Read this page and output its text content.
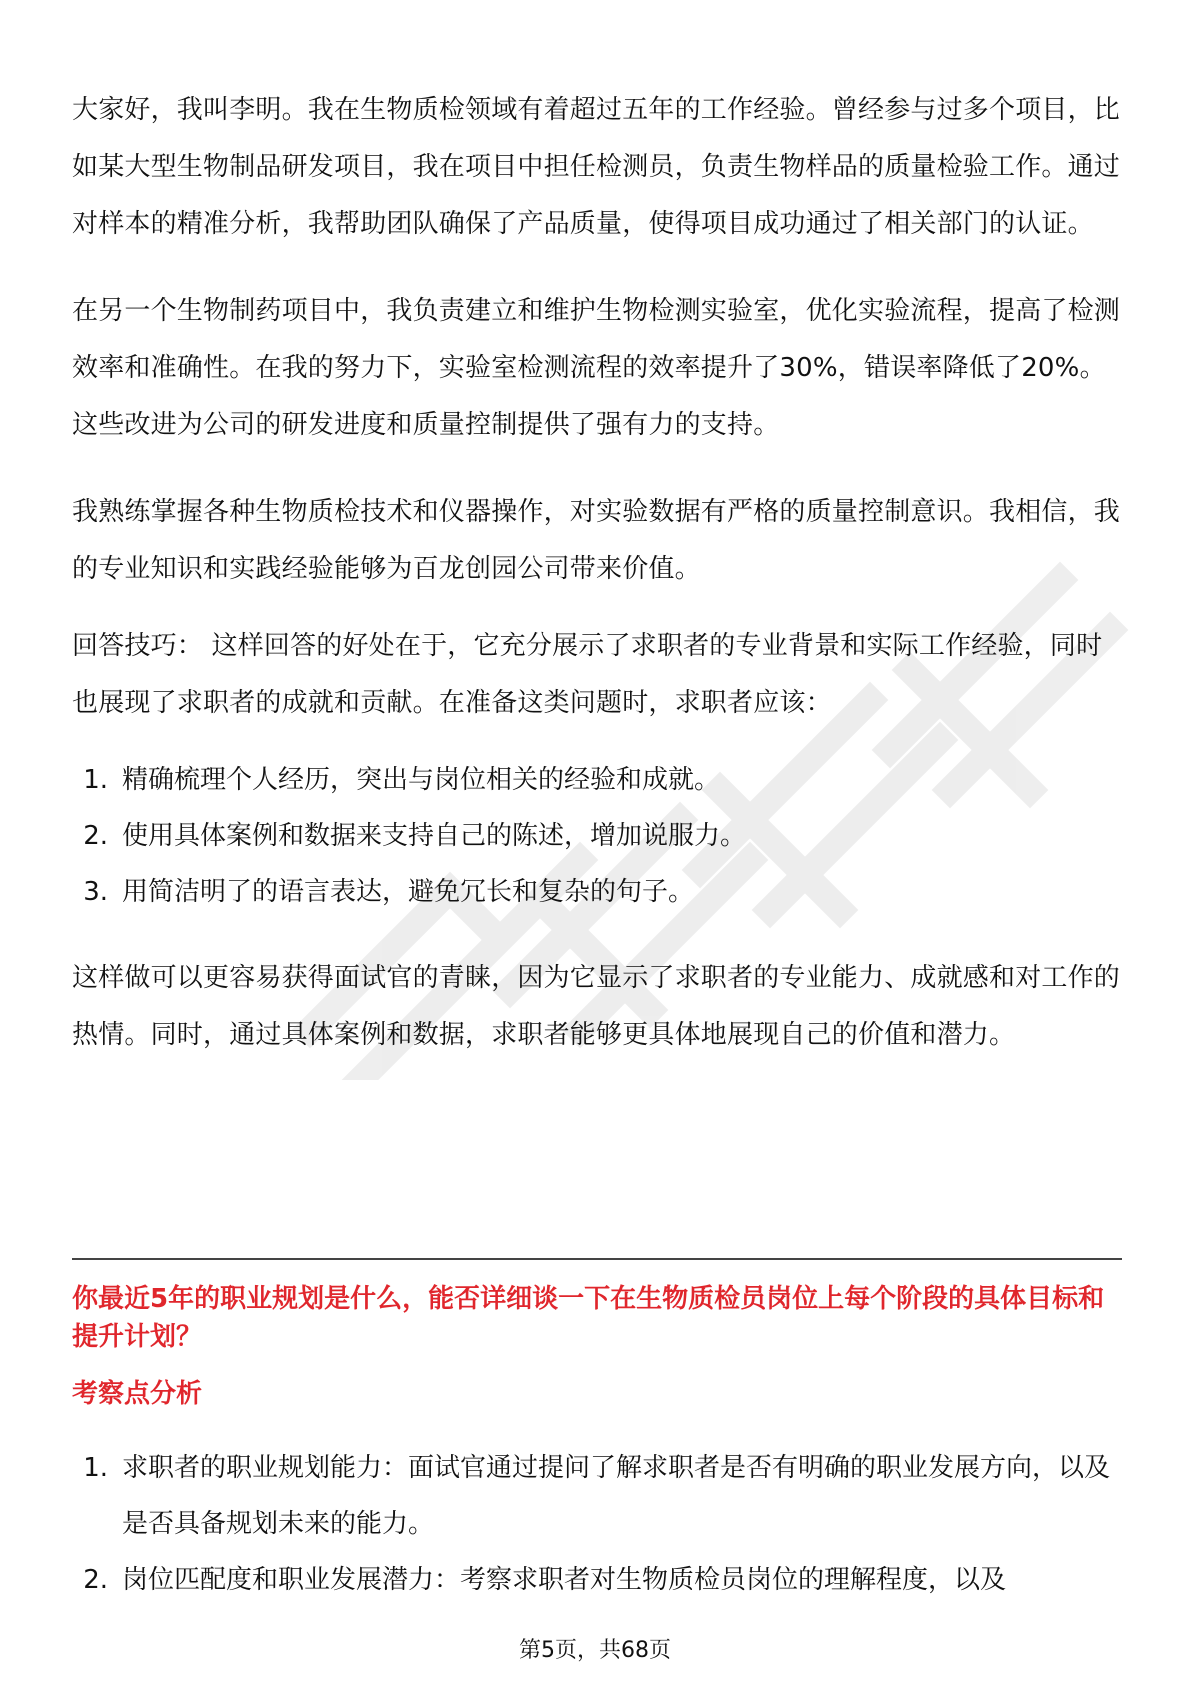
大家好，我叫李明。我在生物质检领域有着超过五年的工作经验。曾经参与过多个项目，比如某大型生物制品研发项目，我在项目中担任检测员，负责生物样品的质量检验工作。通过对样本的精准分析，我帮助团队确保了产品质量，使得项目成功通过了相关部门的认证。

在另一个生物制药项目中，我负责建立和维护生物检测实验室，优化实验流程，提高了检测效率和准确性。在我的努力下，实验室检测流程的效率提升了30%，错误率降低了20%。这些改进为公司的研发进度和质量控制提供了强有力的支持。

我熟练掌握各种生物质检技术和仪器操作，对实验数据有严格的质量控制意识。我相信，我的专业知识和实践经验能够为百龙创园公司带来价值。

回答技巧： 这样回答的好处在于，它充分展示了求职者的专业背景和实际工作经验，同时也展现了求职者的成就和贡献。在准备这类问题时，求职者应该：

1. 精确梳理个人经历，突出与岗位相关的经验和成就。
2. 使用具体案例和数据来支持自己的陈述，增加说服力。
3. 用简洁明了的语言表达，避免冗长和复杂的句子。

这样做可以更容易获得面试官的青睐，因为它显示了求职者的专业能力、成就感和对工作的热情。同时，通过具体案例和数据，求职者能够更具体地展现自己的价值和潜力。

你最近5年的职业规划是什么，能否详细谈一下在生物质检员岗位上每个阶段的具体目标和提升计划？
考察点分析
1. 求职者的职业规划能力：面试官通过提问了解求职者是否有明确的职业发展方向，以及是否具备规划未来的能力。
2. 岗位匹配度和职业发展潜力：考察求职者对生物质检员岗位的理解程度，以及
第5页，共68页
